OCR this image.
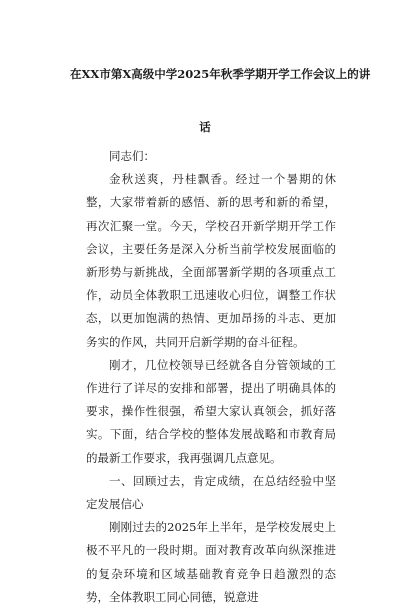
在XX市第X高级中学2025年秋季学期开学工作会议上的讲
话

同志们：

金秋送爽，丹桂飘香。经过一个暑期的休整，大家带着新的感悟、新的思考和新的希望，再次汇聚一堂。今天，学校召开新学期开学工作会议，主要任务是深入分析当前学校发展面临的新形势与新挑战，全面部署新学期的各项重点工作，动员全体教职工迅速收心归位，调整工作状态，以更加饱满的热情、更加昂扬的斗志、更加务实的作风，共同开启新学期的奋斗征程。

刚才，几位校领导已经就各自分管领域的工作进行了详尽的安排和部署，提出了明确具体的要求，操作性很强，希望大家认真领会，抓好落实。下面，结合学校的整体发展战略和市教育局的最新工作要求，我再强调几点意见。

一、回顾过去，肯定成绩，在总结经验中坚定发展信心

刚刚过去的2025年上半年，是学校发展史上极不平凡的一段时期。面对教育改革向纵深推进的复杂环境和区域基础教育竞争日趋激烈的态势，全体教职工同心同德，锐意进
